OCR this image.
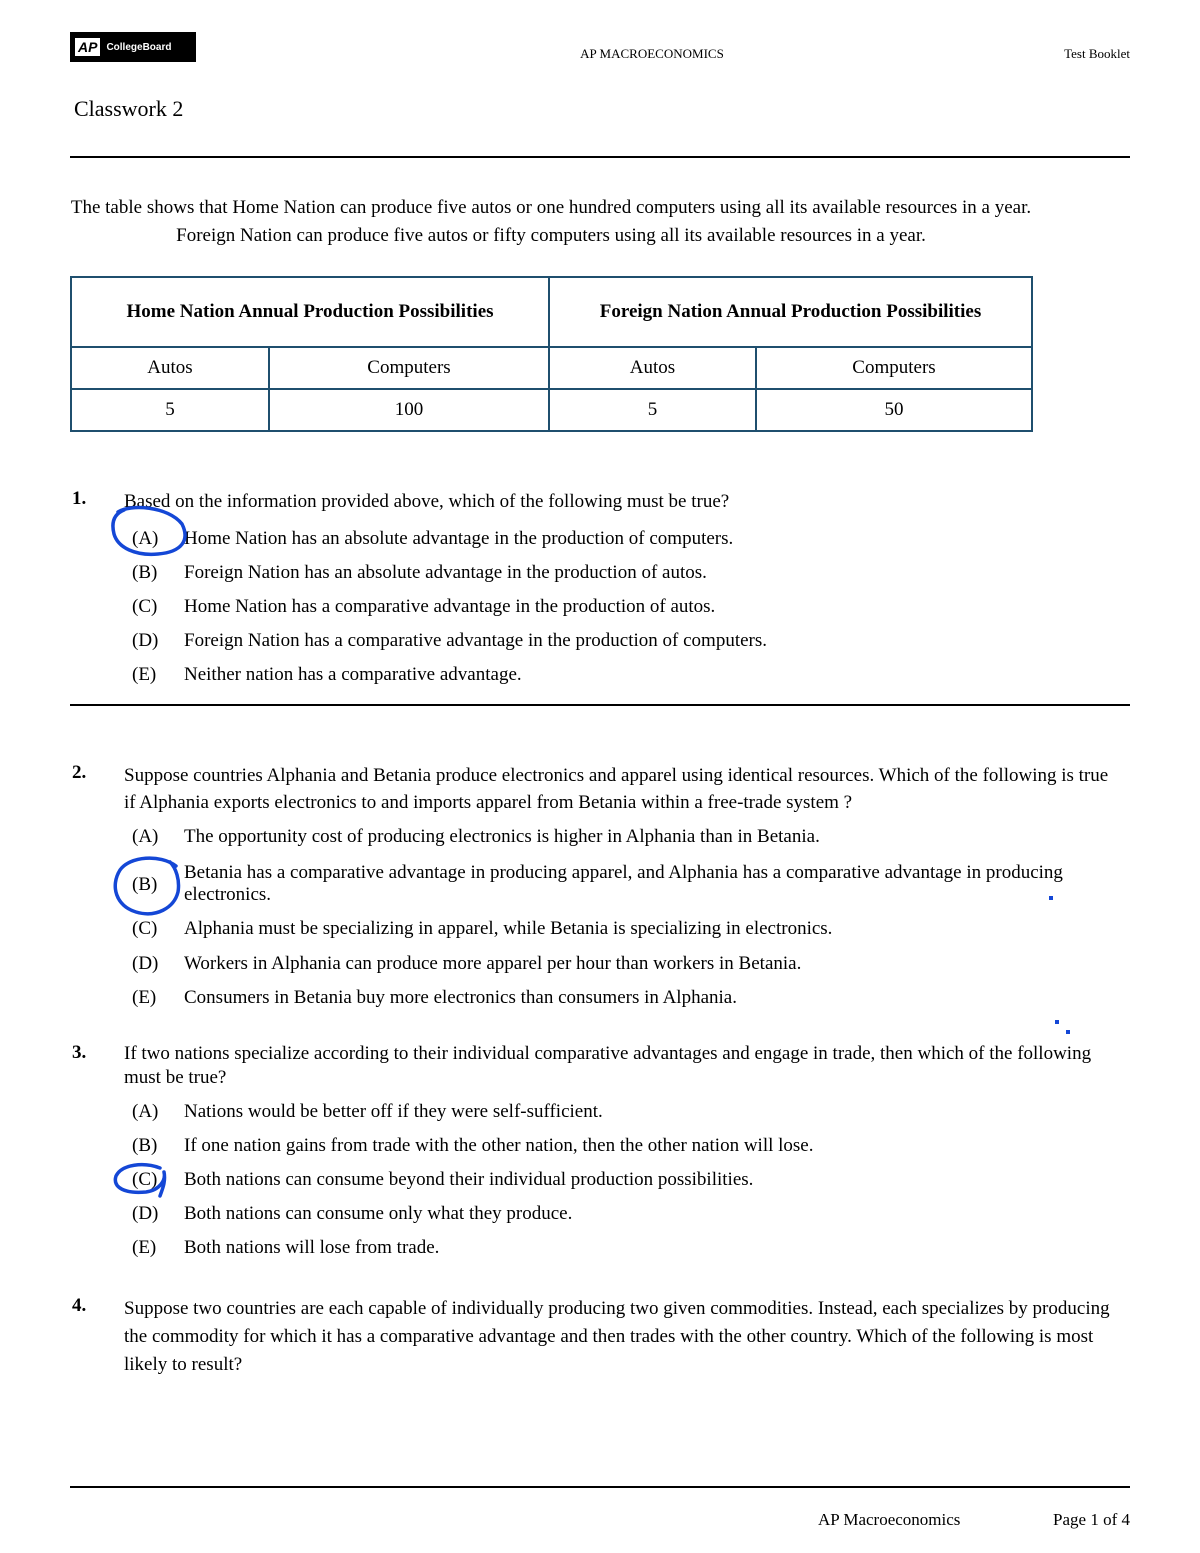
AP CollegeBoard	AP MACROECONOMICS	Test Booklet
Classwork 2
The table shows that Home Nation can produce five autos or one hundred computers using all its available resources in a year. Foreign Nation can produce five autos or fifty computers using all its available resources in a year.
Home Nation Annual Production Possibilities		Foreign Nation Annual Production Possibilities	
Autos	Computers	Autos	Computers
5	100	5	50
1. Based on the information provided above, which of the following must be true?
(A) Home Nation has an absolute advantage in the production of computers.
(B) Foreign Nation has an absolute advantage in the production of autos.
(C) Home Nation has a comparative advantage in the production of autos.
(D) Foreign Nation has a comparative advantage in the production of computers.
(E) Neither nation has a comparative advantage.
2. Suppose countries Alphania and Betania produce electronics and apparel using identical resources. Which of the following is true if Alphania exports electronics to and imports apparel from Betania within a free-trade system ?
(A) The opportunity cost of producing electronics is higher in Alphania than in Betania.
(B)
Betania has a comparative advantage in producing apparel, and Alphania has a comparative advantage in producing electronics.
(C) Alphania must be specializing in apparel, while Betania is specializing in electronics.
(D) Workers in Alphania can produce more apparel per hour than workers in Betania.
(E) Consumers in Betania buy more electronics than consumers in Alphania.
3. If two nations specialize according to their individual comparative advantages and engage in trade, then which of the following must be true?
(A) Nations would be better off if they were self-sufficient.
(B) If one nation gains from trade with the other nation, then the other nation will lose.
(C) Both nations can consume beyond their individual production possibilities.
(D) Both nations can consume only what they produce.
(E) Both nations will lose from trade.
4. Suppose two countries are each capable of individually producing two given commodities. Instead, each specializes by producing the commodity for which it has a comparative advantage and then trades with the other country. Which of the following is most likely to result?
AP Macroeconomics	Page 1 of 4
